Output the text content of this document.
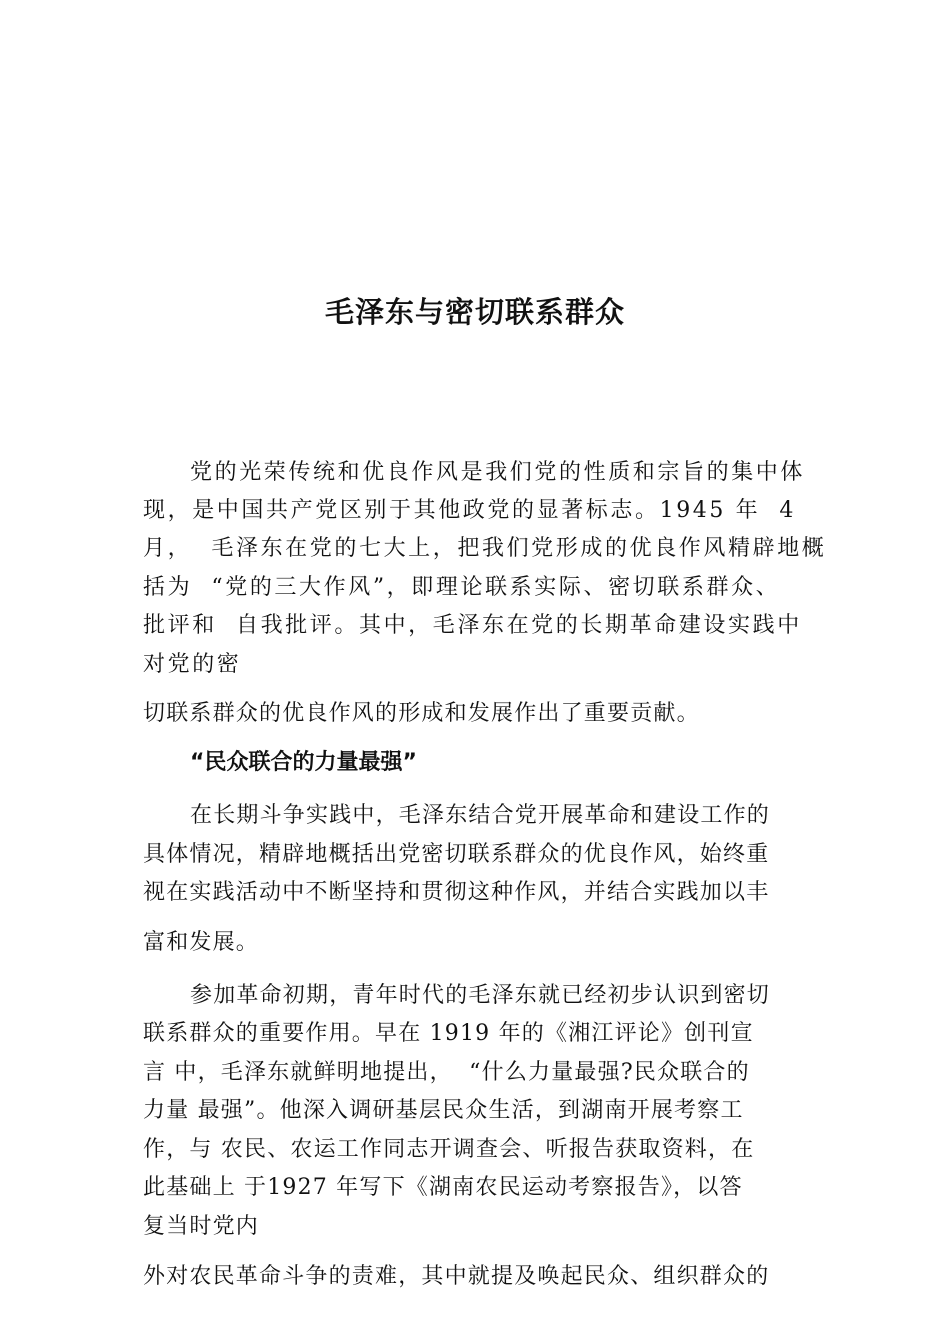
毛泽东与密切联系群众

党的光荣传统和优良作风是我们党的性质和宗旨的集中体

现，是中国共产党区别于其他政党的显著标志。1945 年  4

月，  毛泽东在党的七大上，把我们党形成的优良作风精辟地概

括为  “党的三大作风”，即理论联系实际、密切联系群众、

批评和  自我批评。其中，毛泽东在党的长期革命建设实践中

对党的密

切联系群众的优良作风的形成和发展作出了重要贡献。

“民众联合的力量最强”

在长期斗争实践中，毛泽东结合党开展革命和建设工作的

具体情况，精辟地概括出党密切联系群众的优良作风，始终重

视在实践活动中不断坚持和贯彻这种作风，并结合实践加以丰

富和发展。

参加革命初期，青年时代的毛泽东就已经初步认识到密切

联系群众的重要作用。早在 1919 年的《湘江评论》创刊宣

言 中，毛泽东就鲜明地提出，  “什么力量最强?民众联合的

力量 最强”。他深入调研基层民众生活，到湖南开展考察工

作，与 农民、农运工作同志开调查会、听报告获取资料，在

此基础上 于1927 年写下《湖南农民运动考察报告》，以答

复当时党内

外对农民革命斗争的责难，其中就提及唤起民众、组织群众的
